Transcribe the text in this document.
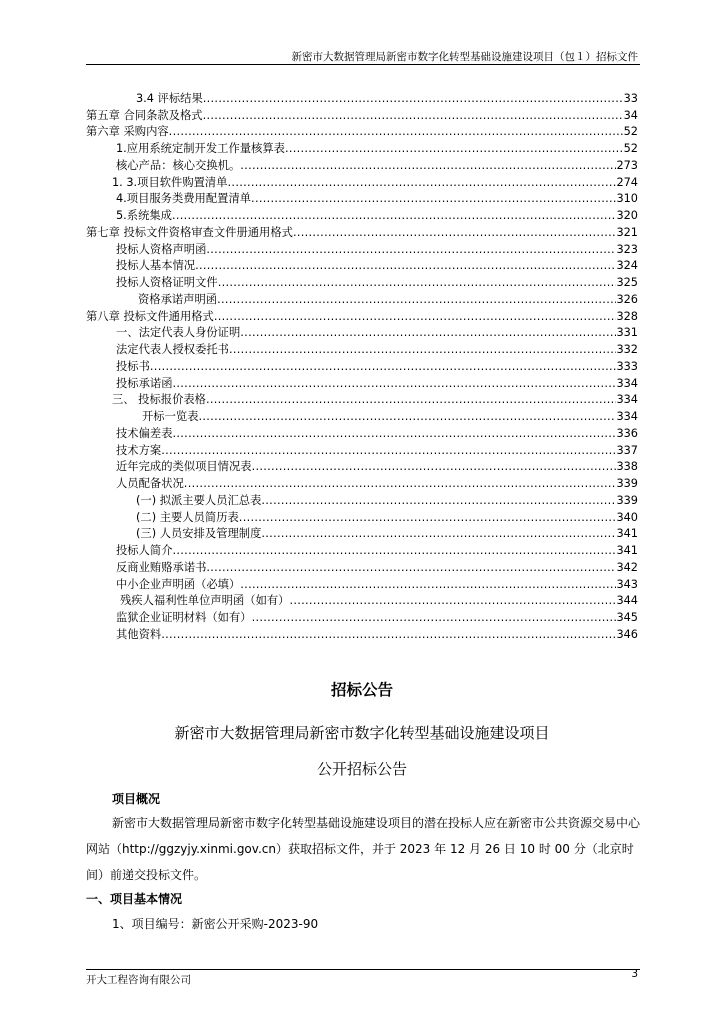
新密市大数据管理局新密市数字化转型基础设施建设项目（包１）招标文件
3.4 评标结果 .....	33
第五章 合同条款及格式 .....	34
第六章 采购内容 .....	52
1.应用系统定制开发工作量核算表 .....	52
核心产品：核心交换机。 .....	273
1. 3.项目软件购置清单 .....	274
4.项目服务类费用配置清单 .....	310
5.系统集成 .....	320
第七章 投标文件资格审查文件册通用格式 .....	321
投标人资格声明函 .....	323
投标人基本情况 .....	324
投标人资格证明文件 .....	325
资格承诺声明函 .....	326
第八章 投标文件通用格式 .....	328
一、法定代表人身份证明 .....	331
法定代表人授权委托书 .....	332
投标书 .....	333
投标承诺函 .....	334
三、 投标报价表格 .....	334
开标一览表 .....	334
技术偏差表 .....	336
技术方案 .....	337
近年完成的类似项目情况表 .....	338
人员配备状况 .....	339
(一) 拟派主要人员汇总表 .....	339
(二) 主要人员简历表 .....	340
(三) 人员安排及管理制度 .....	341
投标人简介 .....	341
反商业贿赂承诺书 .....	342
中小企业声明函（必填） .....	343
残疾人福利性单位声明函（如有） .....	344
监狱企业证明材料（如有） .....	345
其他资料 .....	346
招标公告
新密市大数据管理局新密市数字化转型基础设施建设项目
公开招标公告
项目概况
新密市大数据管理局新密市数字化转型基础设施建设项目的潜在投标人应在新密市公共资源交易中心网站（http://ggzyjy.xinmi.gov.cn）获取招标文件，并于 2023 年 12 月 26 日 10 时 00 分（北京时间）前递交投标文件。
一、项目基本情况
1、项目编号：新密公开采购-2023-90
开大工程咨询有限公司	3
